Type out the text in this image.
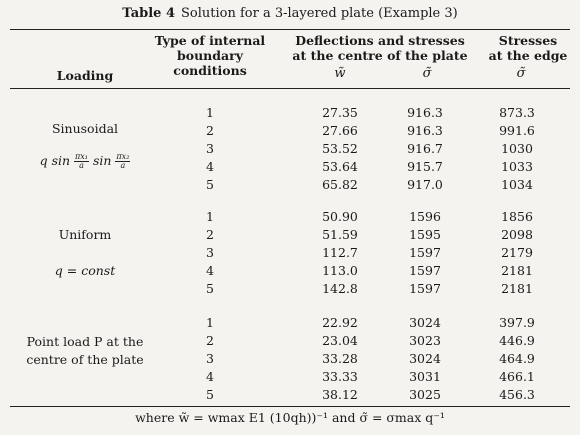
Table 4 Solution for a 3-layered plate (Example 3)
Loading
Type of internal
boundary
conditions
Deflections and stresses
at the centre of the plate
Stresses
at the edge
w̃	σ̃	σ̃
Sinusoidal
q $\sin \frac{\text{πx₁}}{a}$ $\sin \frac{\text{πx₂}}{a}$
1	27.35	916.3	873.3
2	27.66	916.3	991.6
3	53.52	916.7	1030
4	53.64	915.7	1033
5	65.82	917.0	1034
Uniform
q = const
1	50.90	1596	1856
2	51.59	1595	2098
3	112.7	1597	2179
4	113.0	1597	2181
5	142.8	1597	2181
Point load P at the
centre of the plate
1	22.92	3024	397.9
2	23.04	3023	446.9
3	33.28	3024	464.9
4	33.33	3031	466.1
5	38.12	3025	456.3
where w̃ = wmax E1 (10qh))⁻¹ and σ̃ = σmax q⁻¹
